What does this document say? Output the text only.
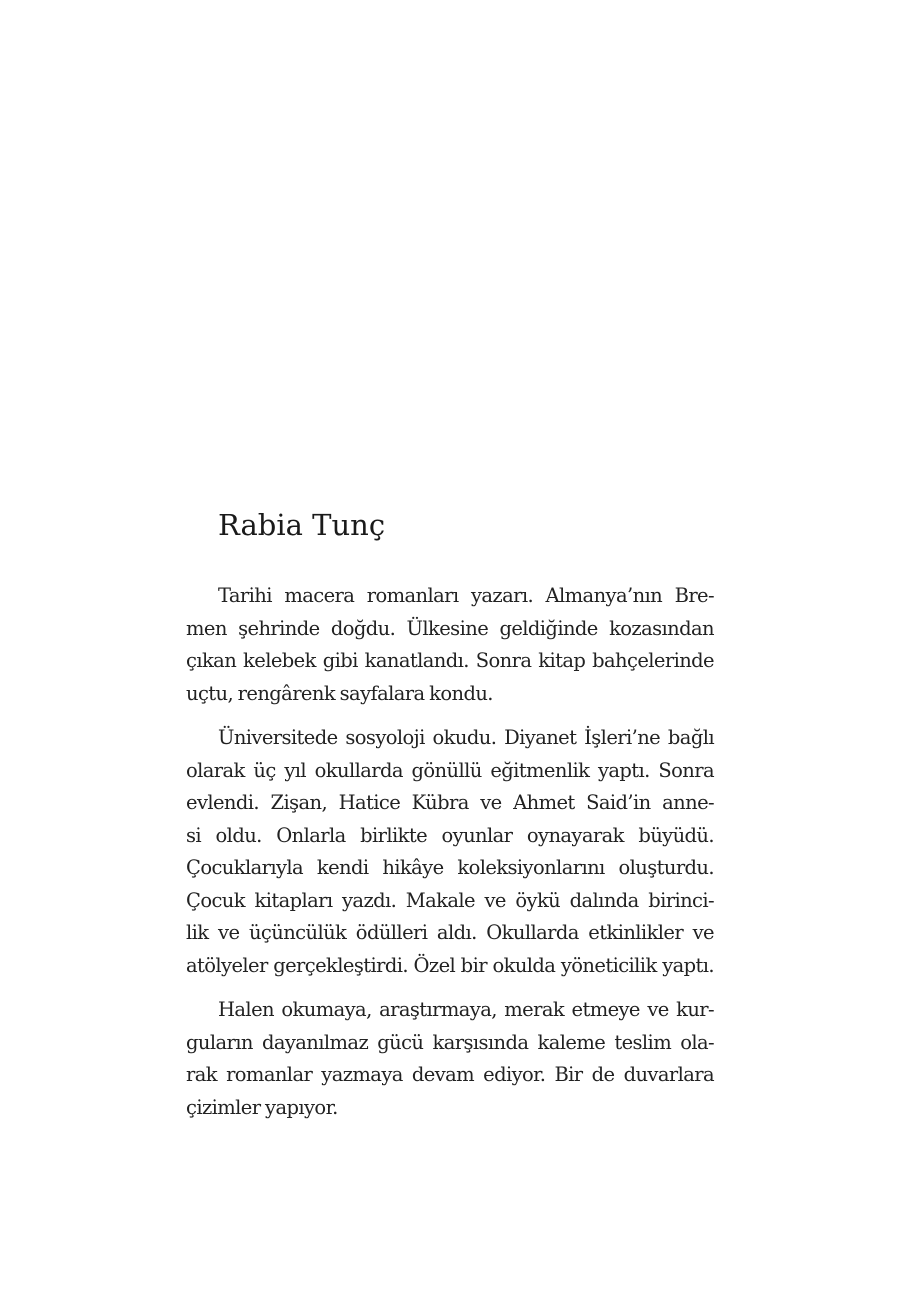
Rabia Tunç
Tarihi macera romanları yazarı. Almanya’nın Bre-
men şehrinde doğdu. Ülkesine geldiğinde kozasından
çıkan kelebek gibi kanatlandı. Sonra kitap bahçelerinde
uçtu, rengârenk sayfalara kondu.
Üniversitede sosyoloji okudu. Diyanet İşleri’ne bağlı
olarak üç yıl okullarda gönüllü eğitmenlik yaptı. Sonra
evlendi. Zişan, Hatice Kübra ve Ahmet Said’in anne-
si oldu. Onlarla birlikte oyunlar oynayarak büyüdü.
Çocuklarıyla kendi hikâye koleksiyonlarını oluşturdu.
Çocuk kitapları yazdı. Makale ve öykü dalında birinci-
lik ve üçüncülük ödülleri aldı. Okullarda etkinlikler ve
atölyeler gerçekleştirdi. Özel bir okulda yöneticilik yaptı.
Halen okumaya, araştırmaya, merak etmeye ve kur-
guların dayanılmaz gücü karşısında kaleme teslim ola-
rak romanlar yazmaya devam ediyor. Bir de duvarlara
çizimler yapıyor.
